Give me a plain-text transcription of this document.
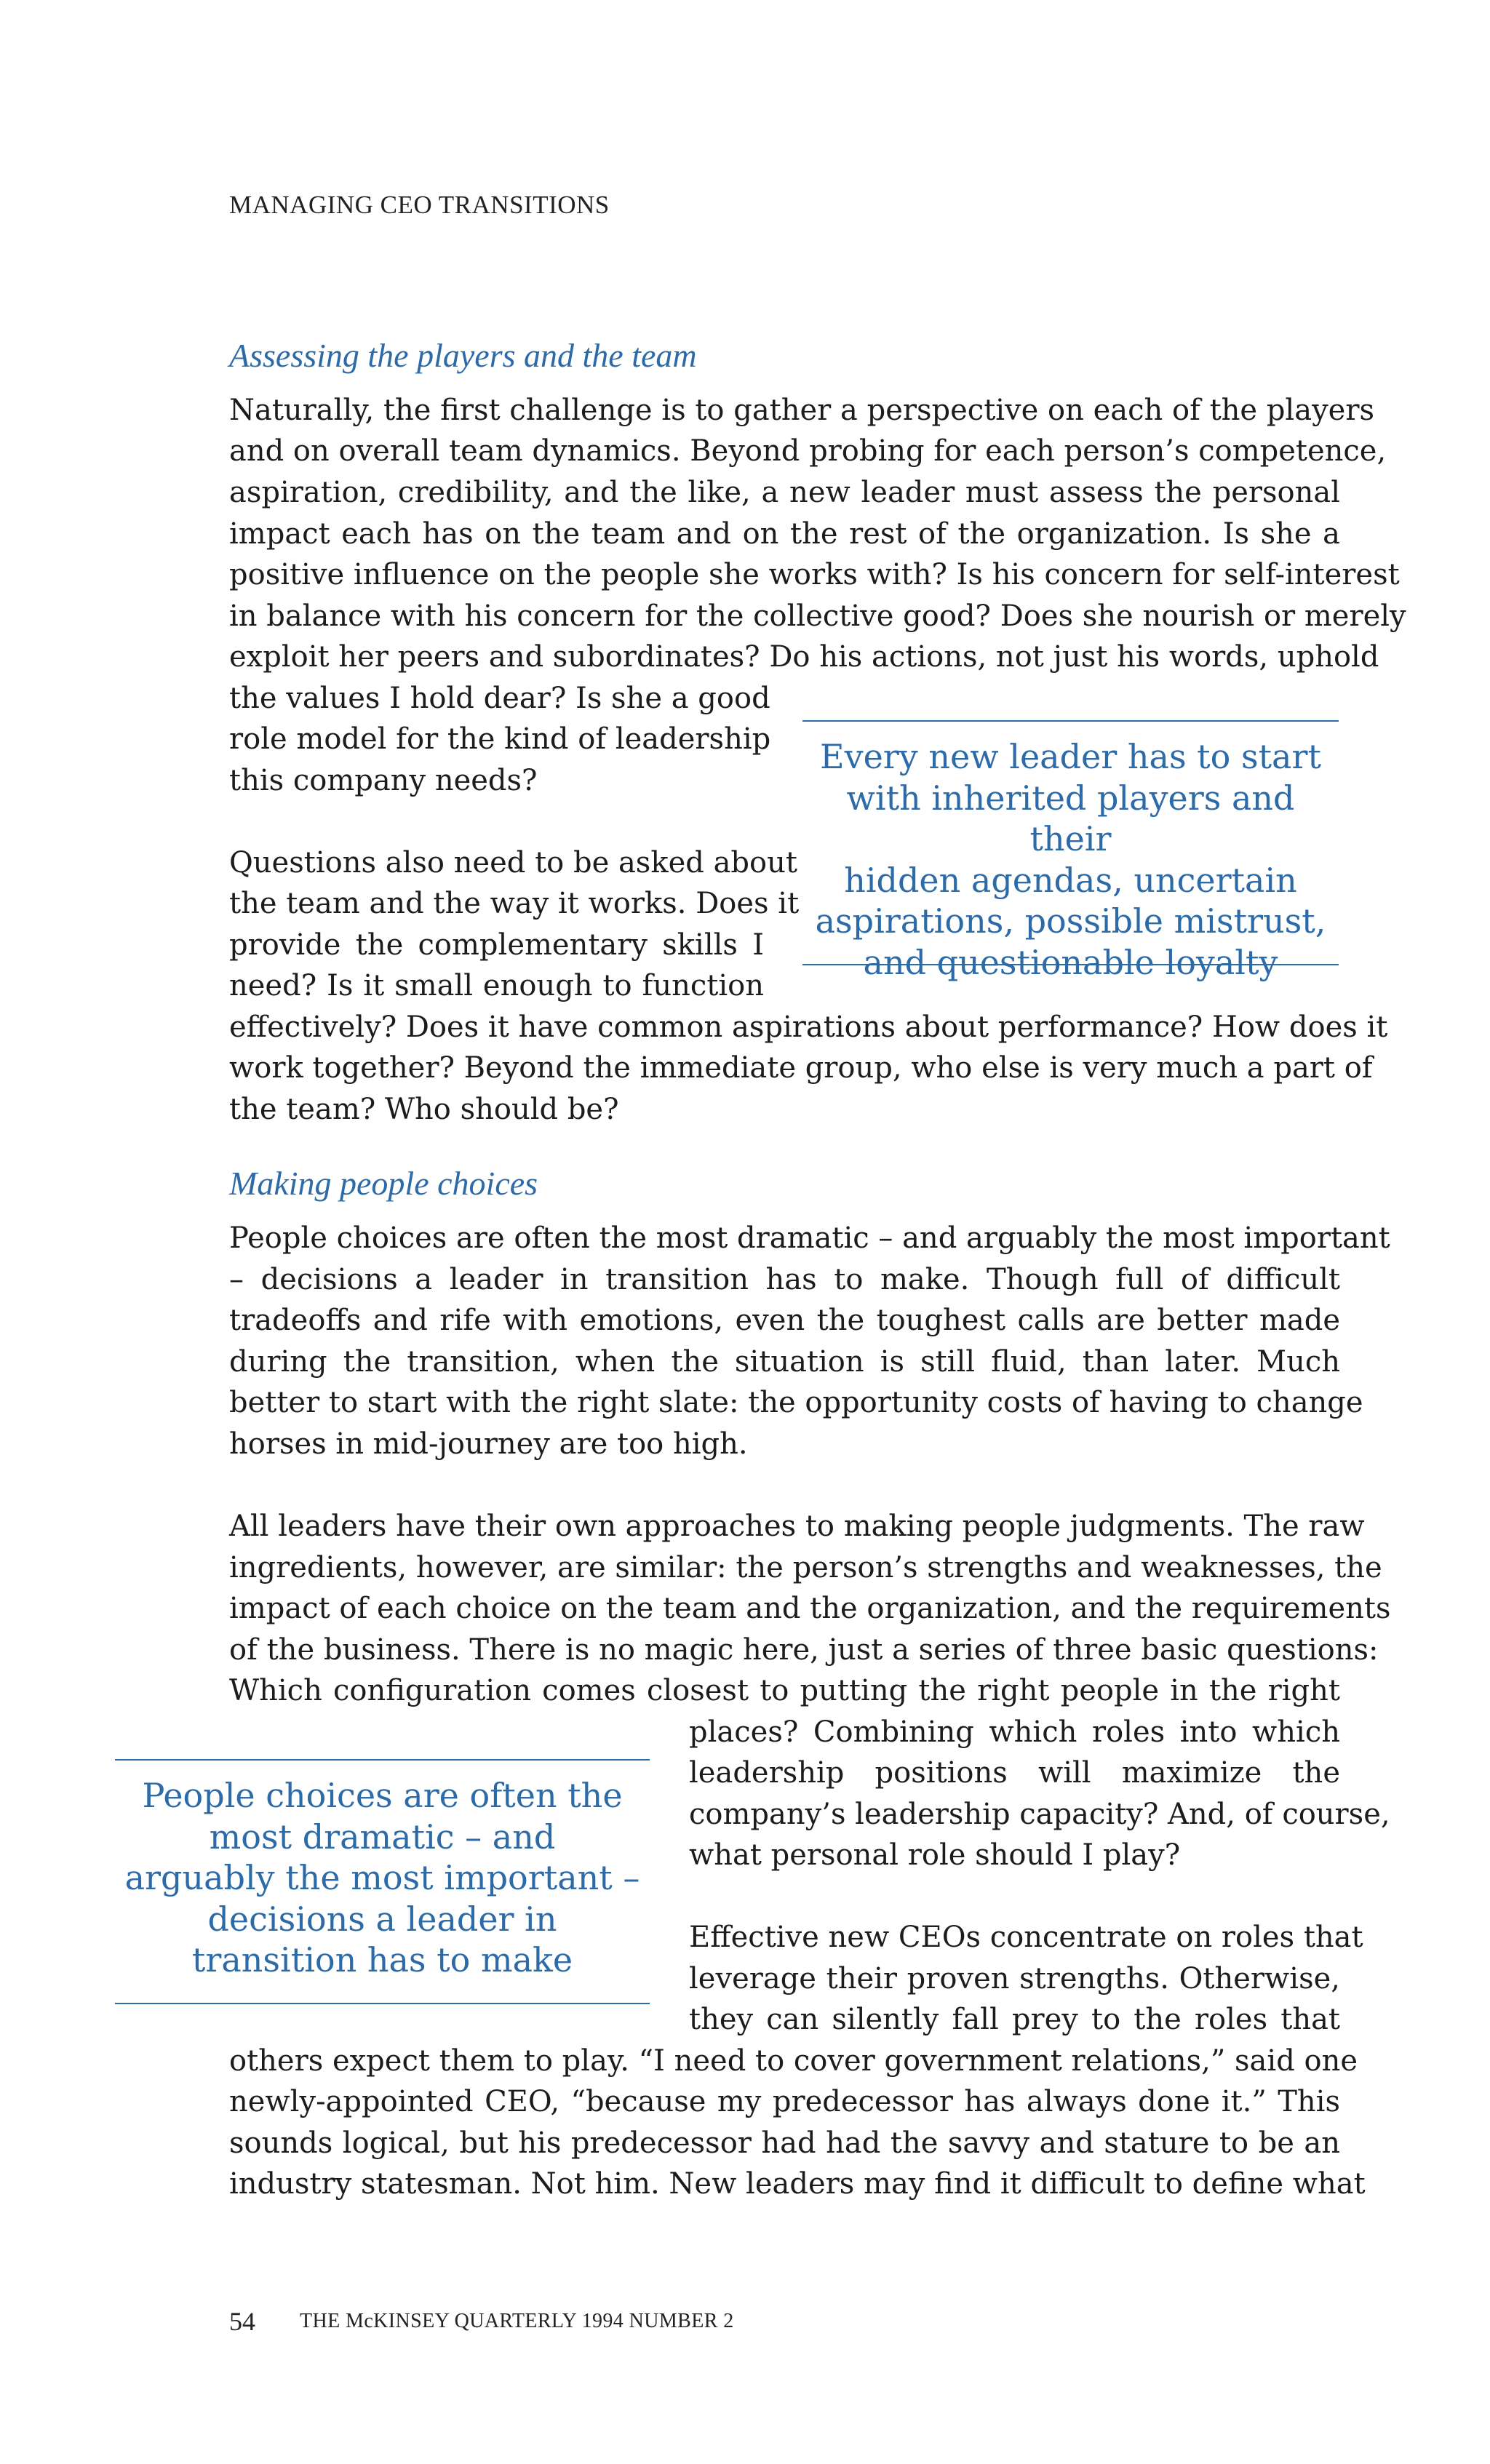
MANAGING CEO TRANSITIONS
Assessing the players and the team
Naturally, the first challenge is to gather a perspective on each of the players
and on overall team dynamics. Beyond probing for each person’s competence,
aspiration, credibility, and the like, a new leader must assess the personal
impact each has on the team and on the rest of the organization. Is she a
positive influence on the people she works with? Is his concern for self-interest
in balance with his concern for the collective good? Does she nourish or merely
exploit her peers and subordinates? Do his actions, not just his words, uphold
the values I hold dear? Is she a good
role model for the kind of leadership
this company needs?
Questions also need to be asked about
the team and the way it works. Does it
provide the complementary skills I
need? Is it small enough to function
effectively? Does it have common aspirations about performance? How does it
work together? Beyond the immediate group, who else is very much a part of
the team? Who should be?
Every new leader has to start
with inherited players and their
hidden agendas, uncertain
aspirations, possible mistrust,
and questionable loyalty
Making people choices
People choices are often the most dramatic – and arguably the most important
– decisions a leader in transition has to make. Though full of difficult
tradeoffs and rife with emotions, even the toughest calls are better made
during the transition, when the situation is still fluid, than later. Much
better to start with the right slate: the opportunity costs of having to change
horses in mid-journey are too high.
All leaders have their own approaches to making people judgments. The raw
ingredients, however, are similar: the person’s strengths and weaknesses, the
impact of each choice on the team and the organization, and the requirements
of the business. There is no magic here, just a series of three basic questions:
Which configuration comes closest to putting the right people in the right
places? Combining which roles into which
leadership positions will maximize the
company’s leadership capacity? And, of course,
what personal role should I play?
Effective new CEOs concentrate on roles that
leverage their proven strengths. Otherwise,
they can silently fall prey to the roles that
others expect them to play. “I need to cover government relations,” said one
newly-appointed CEO, “because my predecessor has always done it.” This
sounds logical, but his predecessor had had the savvy and stature to be an
industry statesman. Not him. New leaders may find it difficult to define what
People choices are often the
most dramatic – and
arguably the most important –
decisions a leader in
transition has to make
54 THE McKINSEY QUARTERLY 1994 NUMBER 2
